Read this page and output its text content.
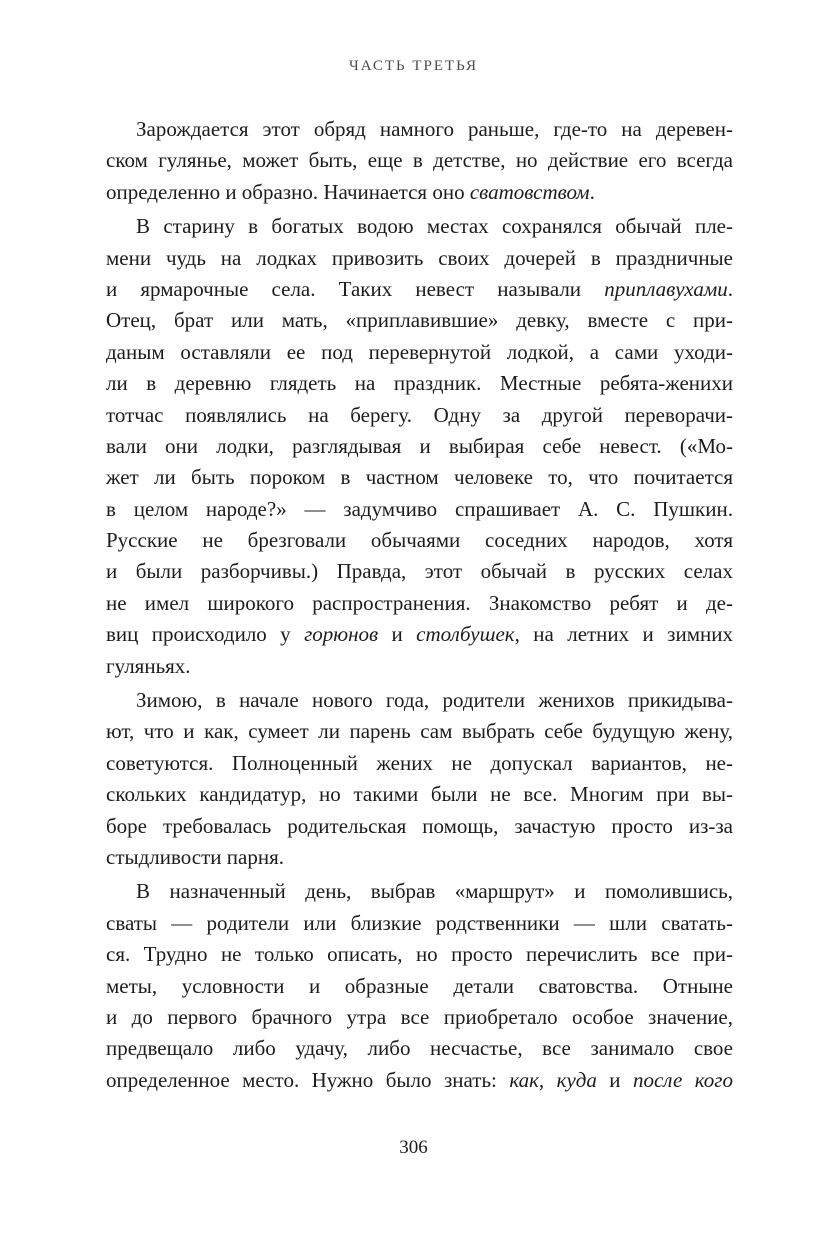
ЧАСТЬ ТРЕТЬЯ
Зарождается этот обряд намного раньше, где-то на деревен-
ском гулянье, может быть, еще в детстве, но действие его всегда
определенно и образно. Начинается оно сватовством.
В старину в богатых водою местах сохранялся обычай пле-
мени чудь на лодках привозить своих дочерей в праздничные
и ярмарочные села. Таких невест называли приплавухами.
Отец, брат или мать, «приплавившие» девку, вместе с при-
даным оставляли ее под перевернутой лодкой, а сами уходи-
ли в деревню глядеть на праздник. Местные ребята-женихи
тотчас появлялись на берегу. Одну за другой переворачи-
вали они лодки, разглядывая и выбирая себе невест. («Мо-
жет ли быть пороком в частном человеке то, что почитается
в целом народе?» — задумчиво спрашивает А. С. Пушкин.
Русские не брезговали обычаями соседних народов, хотя
и были разборчивы.) Правда, этот обычай в русских селах
не имел широкого распространения. Знакомство ребят и де-
виц происходило у горюнов и столбушек, на летних и зимних
гуляньях.
Зимою, в начале нового года, родители женихов прикидыва-
ют, что и как, сумеет ли парень сам выбрать себе будущую жену,
советуются. Полноценный жених не допускал вариантов, не-
скольких кандидатур, но такими были не все. Многим при вы-
боре требовалась родительская помощь, зачастую просто из-за
стыдливости парня.
В назначенный день, выбрав «маршрут» и помолившись,
сваты — родители или близкие родственники — шли сватать-
ся. Трудно не только описать, но просто перечислить все при-
меты, условности и образные детали сватовства. Отныне
и до первого брачного утра все приобретало особое значение,
предвещало либо удачу, либо несчастье, все занимало свое
определенное место. Нужно было знать: как, куда и после кого
306
